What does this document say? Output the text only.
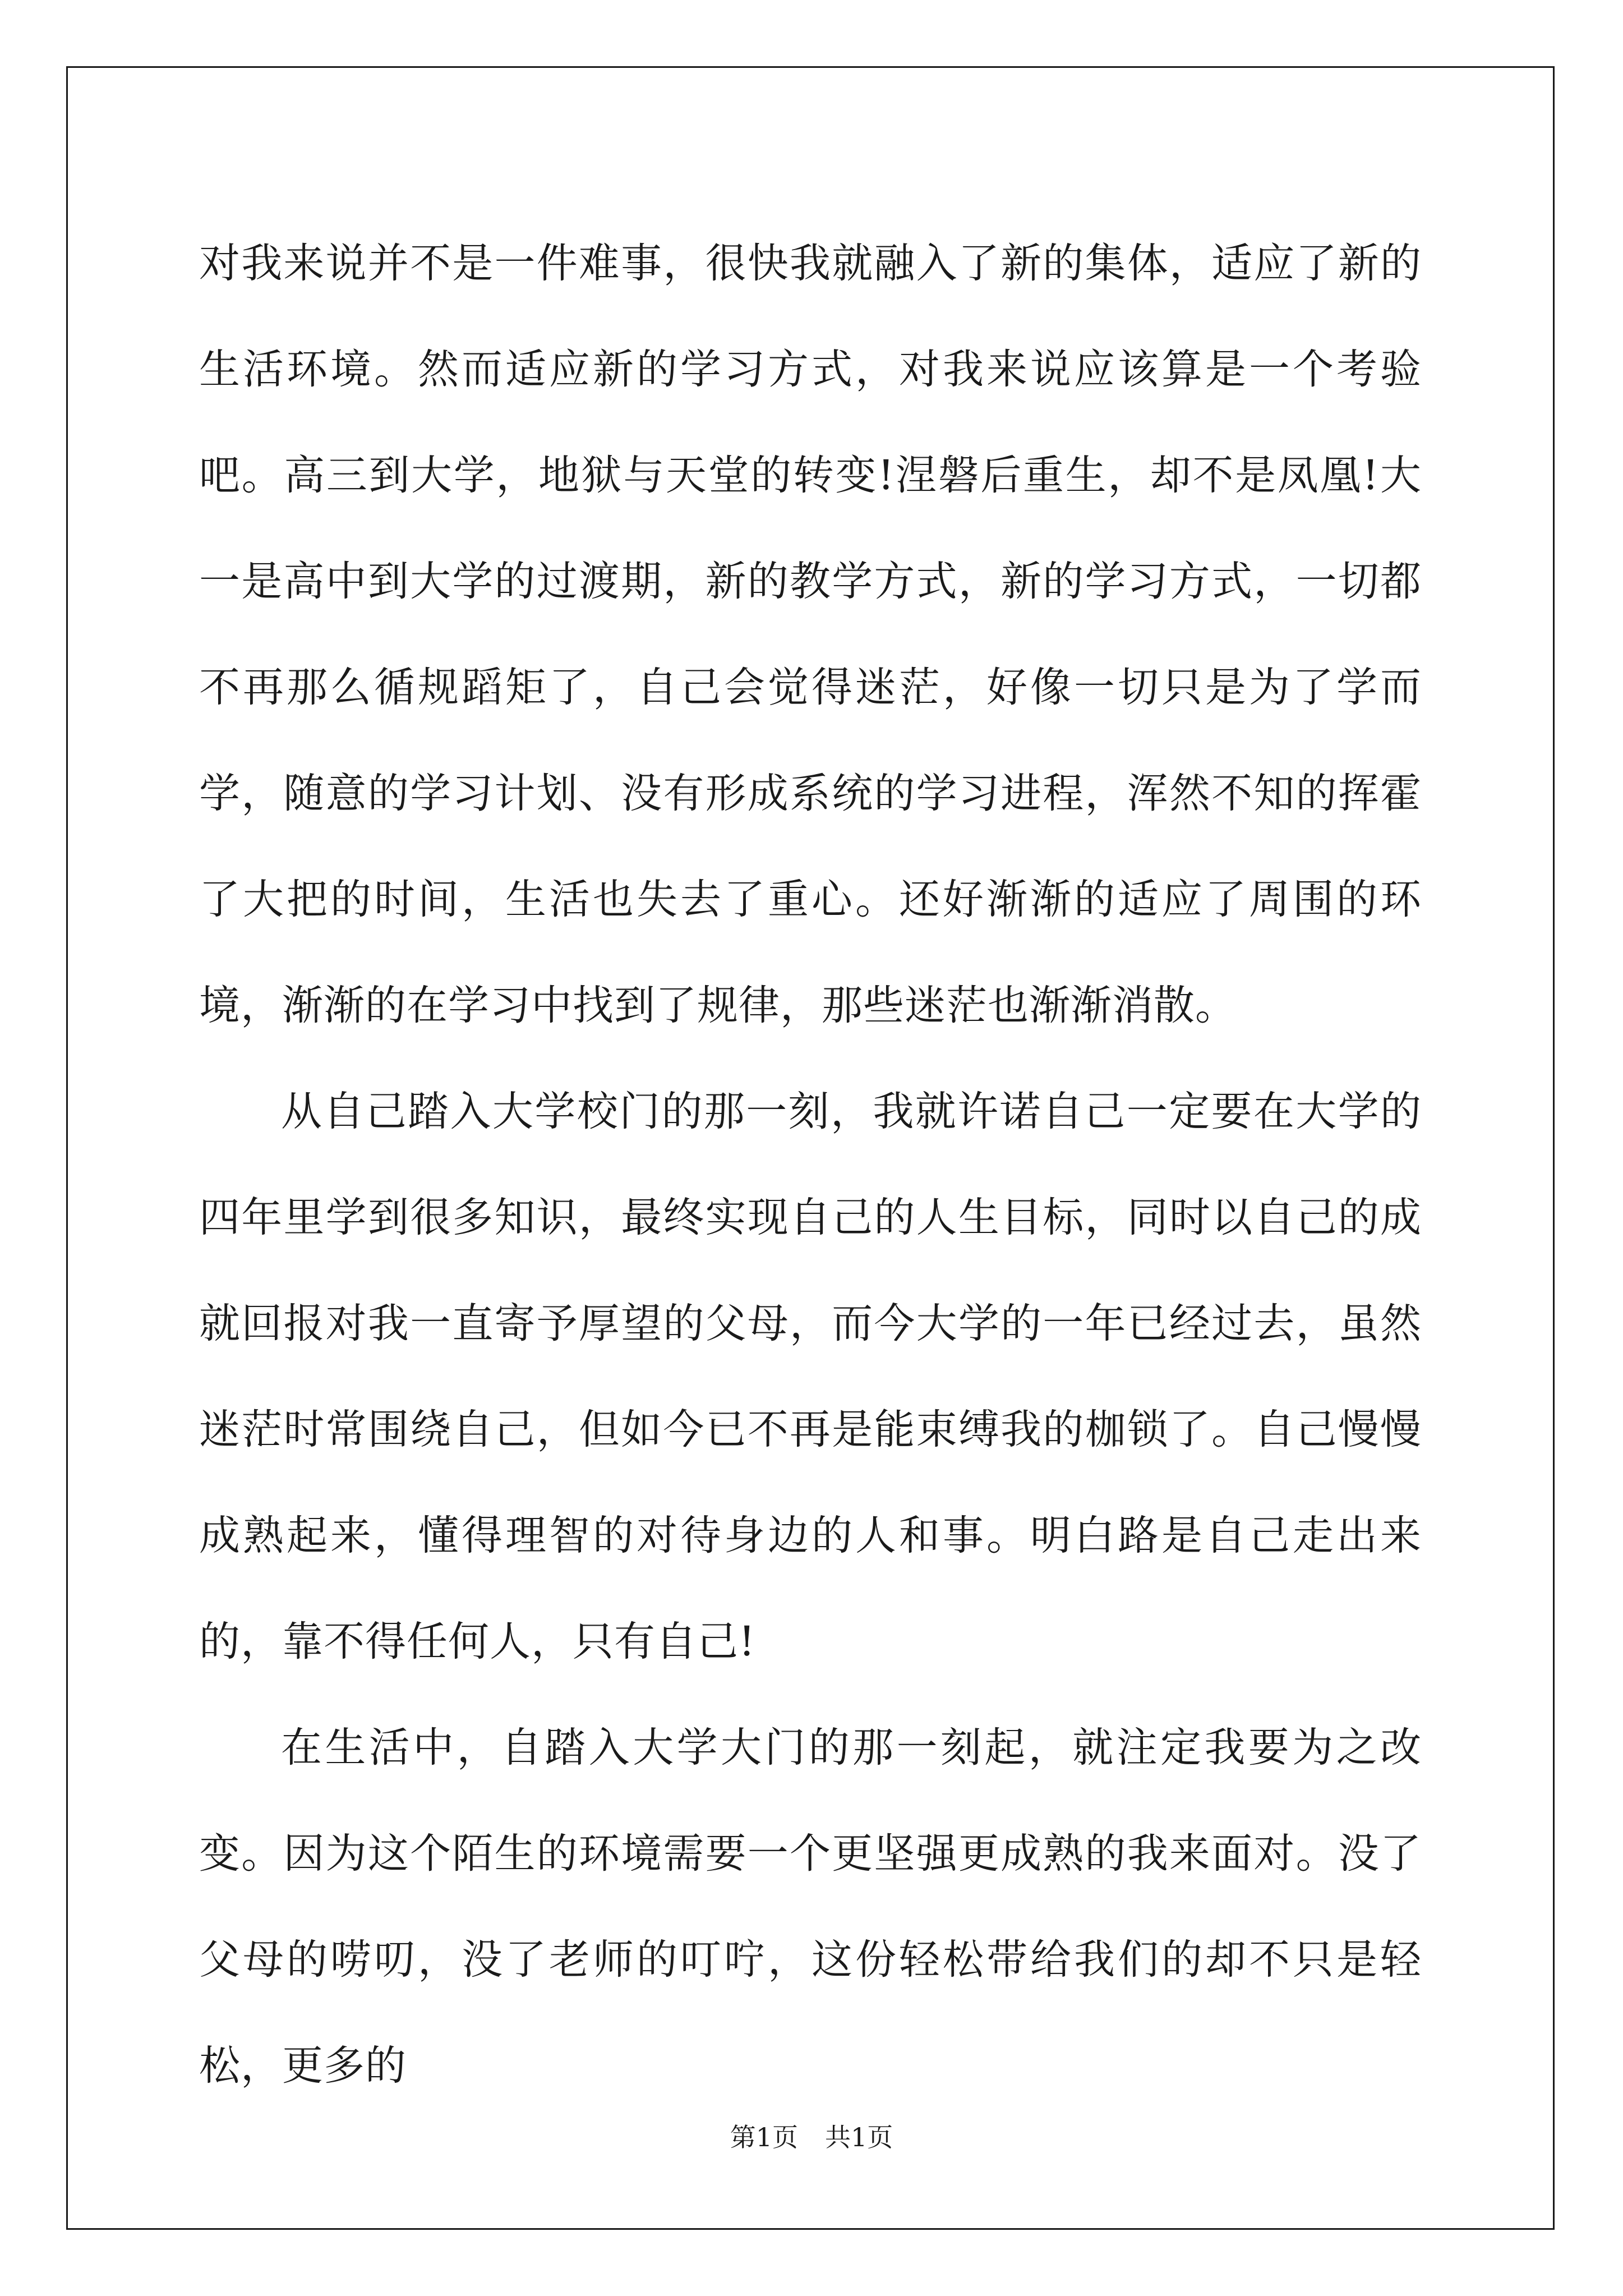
对我来说并不是一件难事，很快我就融入了新的集体，适应了新的生活环境。然而适应新的学习方式，对我来说应该算是一个考验吧。高三到大学，地狱与天堂的转变!涅磐后重生，却不是凤凰!大一是高中到大学的过渡期，新的教学方式，新的学习方式，一切都不再那么循规蹈矩了，自己会觉得迷茫，好像一切只是为了学而学，随意的学习计划、没有形成系统的学习进程，浑然不知的挥霍了大把的时间，生活也失去了重心。还好渐渐的适应了周围的环境，渐渐的在学习中找到了规律，那些迷茫也渐渐消散。

从自己踏入大学校门的那一刻，我就许诺自己一定要在大学的四年里学到很多知识，最终实现自己的人生目标，同时以自己的成就回报对我一直寄予厚望的父母，而今大学的一年已经过去，虽然迷茫时常围绕自己，但如今已不再是能束缚我的枷锁了。自己慢慢成熟起来，懂得理智的对待身边的人和事。明白路是自己走出来的，靠不得任何人，只有自己!

在生活中，自踏入大学大门的那一刻起，就注定我要为之改变。因为这个陌生的环境需要一个更坚强更成熟的我来面对。没了父母的唠叨，没了老师的叮咛，这份轻松带给我们的却不只是轻松，更多的

第1页 共1页
